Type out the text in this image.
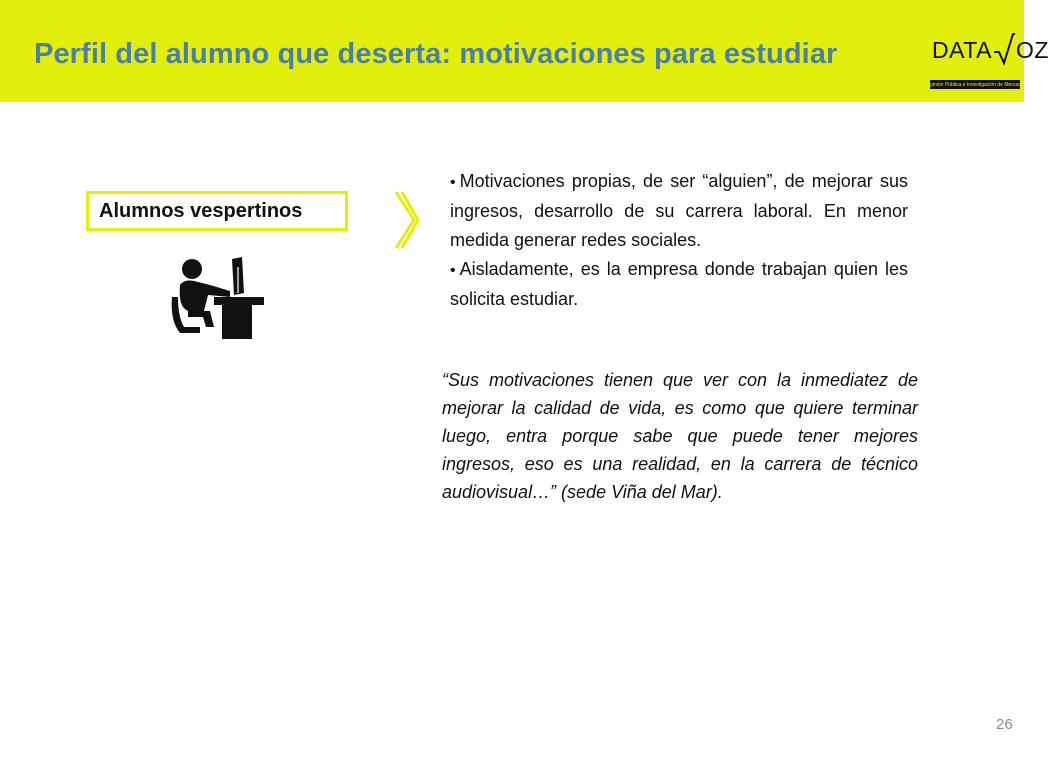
Perfil del alumno que deserta: motivaciones para estudiar	DATA OZ
Opinión Pública e Investigación de Mercado
Alumnos vespertinos
• Motivaciones propias, de ser “alguien”, de mejorar sus ingresos, desarrollo de su carrera laboral. En menor medida generar redes sociales.
• Aisladamente, es la empresa donde trabajan quien les solicita estudiar.
“Sus motivaciones tienen que ver con la inmediatez de mejorar la calidad de vida, es como que quiere terminar luego, entra porque sabe que puede tener mejores ingresos, eso es una realidad, en la carrera de técnico audiovisual…” (sede Viña del Mar).
26
